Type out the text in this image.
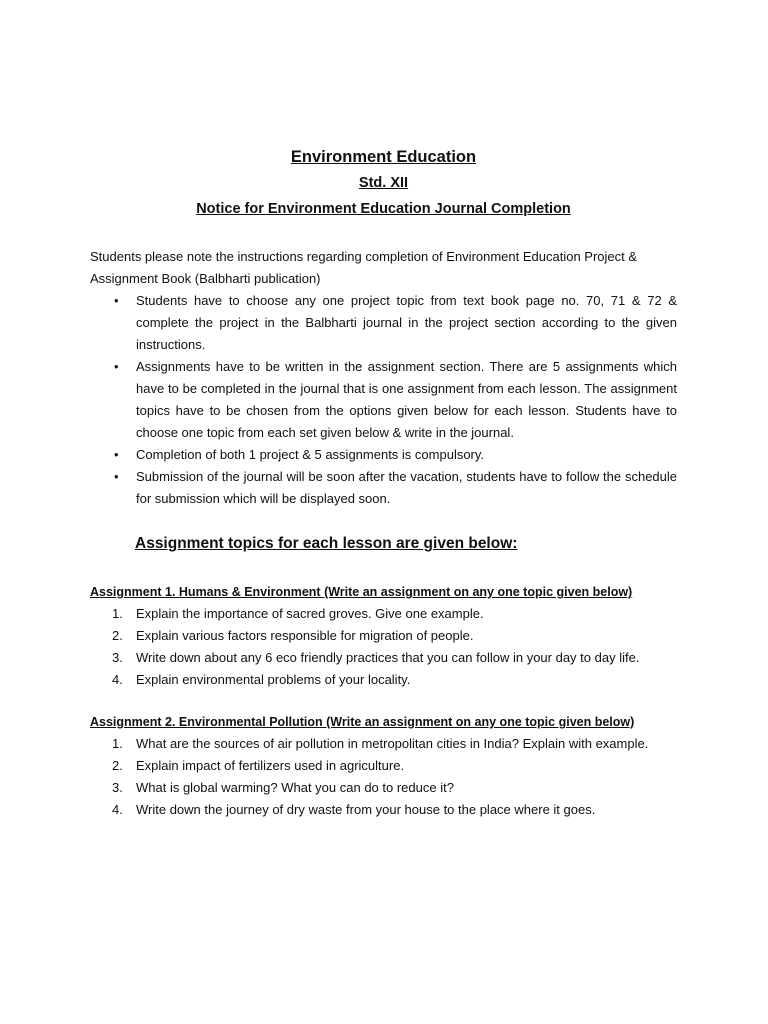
Environment Education
Std. XII
Notice for Environment Education Journal Completion

Students please note the instructions regarding completion of Environment Education Project & Assignment Book (Balbharti publication)

• Students have to choose any one project topic from text book page no. 70, 71 & 72 & complete the project in the Balbharti journal in the project section according to the given instructions.
• Assignments have to be written in the assignment section. There are 5 assignments which have to be completed in the journal that is one assignment from each lesson. The assignment topics have to be chosen from the options given below for each lesson. Students have to choose one topic from each set given below & write in the journal.
• Completion of both 1 project & 5 assignments is compulsory.
• Submission of the journal will be soon after the vacation, students have to follow the schedule for submission which will be displayed soon.
Assignment topics for each lesson are given below:
Assignment 1. Humans & Environment (Write an assignment on any one topic given below)
1. Explain the importance of sacred groves. Give one example.
2. Explain various factors responsible for migration of people.
3. Write down about any 6 eco friendly practices that you can follow in your day to day life.
4. Explain environmental problems of your locality.
Assignment 2. Environmental Pollution (Write an assignment on any one topic given below)
1. What are the sources of air pollution in metropolitan cities in India? Explain with example.
2. Explain impact of fertilizers used in agriculture.
3. What is global warming? What you can do to reduce it?
4. Write down the journey of dry waste from your house to the place where it goes.
